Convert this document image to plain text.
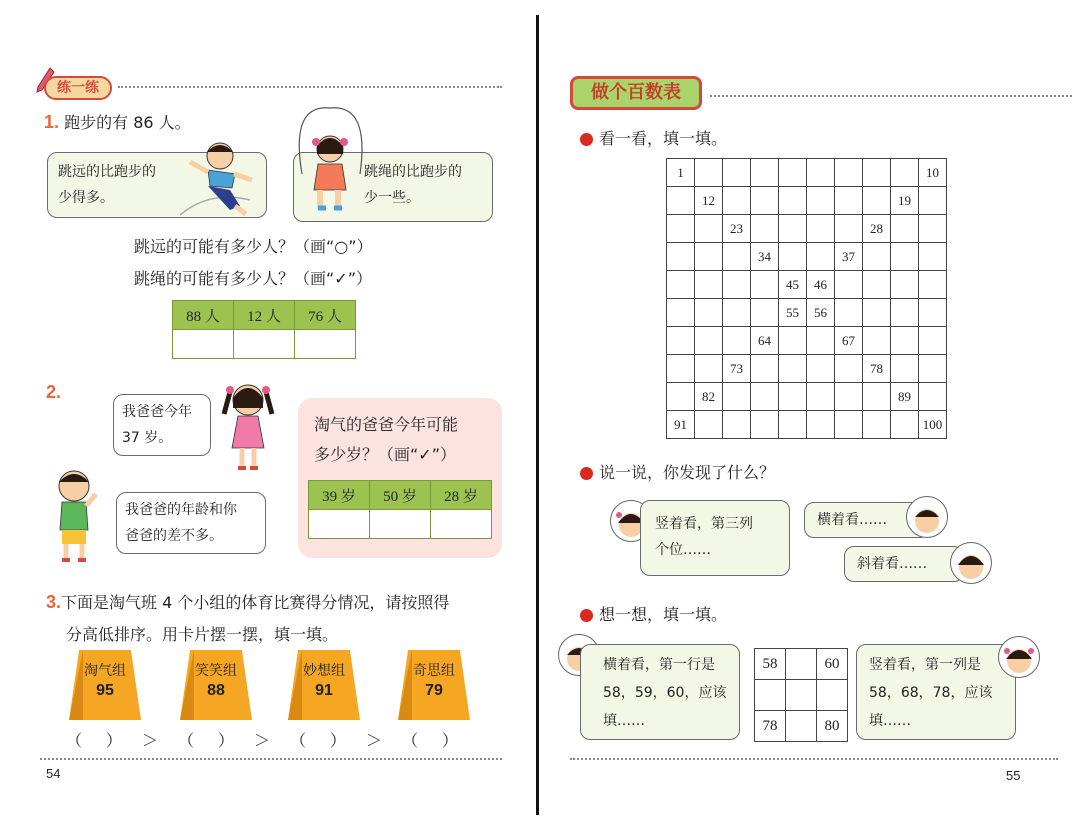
练一练
1. 跑步的有 86 人。
跳远的比跑步的
少得多。
跳绳的比跑步的
少一些。
跳远的可能有多少人？（画“○”）
跳绳的可能有多少人？（画“✓”）
88 人	12 人	76 人

2.
我爸爸今年
37 岁。
我爸爸的年龄和你
爸爸的差不多。
淘气的爸爸今年可能
多少岁？（画“✓”）
39 岁	50 岁	28 岁

3.下面是淘气班 4 个小组的体育比赛得分情况，请按照得
分高低排序。用卡片摆一摆，填一填。
淘气组
95
笑笑组
88
妙想组
91
奇思组
79
（ ） ＞ （ ） ＞ （ ） ＞ （ ）
54
做个百数表
看一看，填一填。
1									10
	12							19	
		23					28		
			34			37			
				45	46				
				55	56				
			64			67			
		73					78		
	82							89	
91									100
说一说，你发现了什么？
竖着看，第三列
个位……
横着看……
斜着看……
想一想，填一填。
横着看，第一行是
58，59，60，应该
填……
58		60

78		80
竖着看，第一列是
58，68，78，应该
填……
55
